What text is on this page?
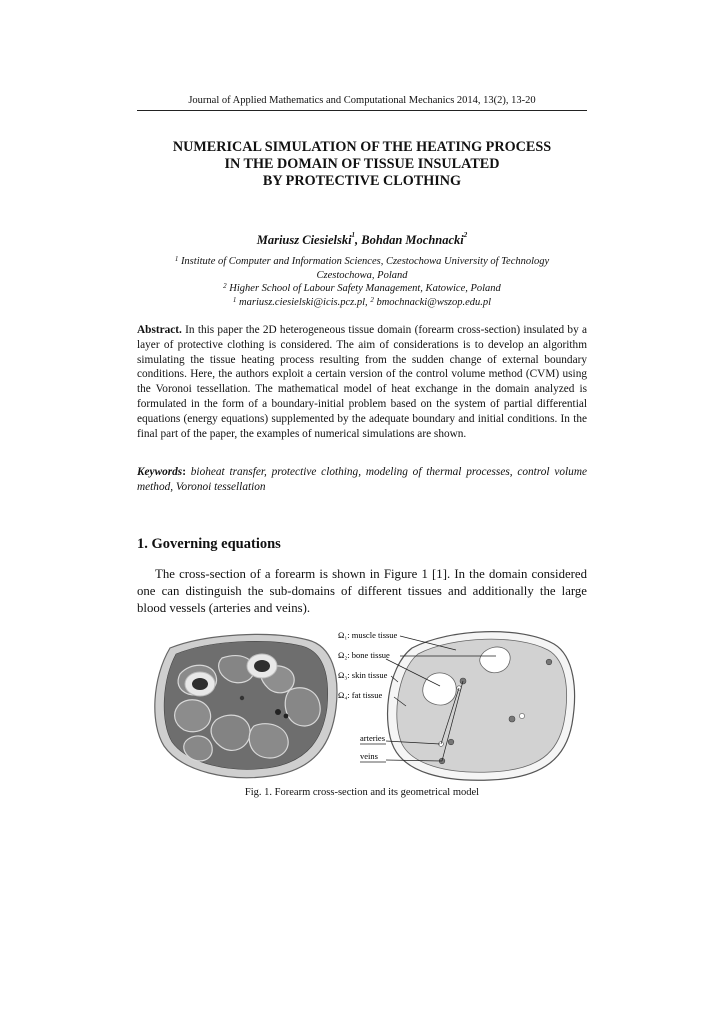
Journal of Applied Mathematics and Computational Mechanics 2014, 13(2), 13-20
NUMERICAL SIMULATION OF THE HEATING PROCESS
IN THE DOMAIN OF TISSUE INSULATED
BY PROTECTIVE CLOTHING
Mariusz Ciesielski$^1$, Bohdan Mochnacki$^2$
$^1$ Institute of Computer and Information Sciences, Czestochowa University of Technology Czestochowa, Poland
$^2$ Higher School of Labour Safety Management, Katowice, Poland
$^1$ mariusz.ciesielski@icis.pcz.pl, $^2$ bmochnacki@wszop.edu.pl
Abstract. In this paper the 2D heterogeneous tissue domain (forearm cross-section) insulated by a layer of protective clothing is considered. The aim of considerations is to develop an algorithm simulating the tissue heating process resulting from the sudden change of external boundary conditions. Here, the authors exploit a certain version of the control volume method (CVM) using the Voronoi tessellation. The mathematical model of heat exchange in the domain analyzed is formulated in the form of a boundary-initial problem based on the system of partial differential equations (energy equations) supplemented by the adequate boundary and initial conditions. In the final part of the paper, the examples of numerical simulations are shown.
Keywords: bioheat transfer, protective clothing, modeling of thermal processes, control volume method, Voronoi tessellation
1. Governing equations
The cross-section of a forearm is shown in Figure 1 [1]. In the domain considered one can distinguish the sub-domains of different tissues and additionally the large blood vessels (arteries and veins).
Ω₁: muscle tissue
Ω₂: bone tissue
Ω₃: skin tissue
Ω₄: fat tissue
arteries
veins
Fig. 1. Forearm cross-section and its geometrical model
